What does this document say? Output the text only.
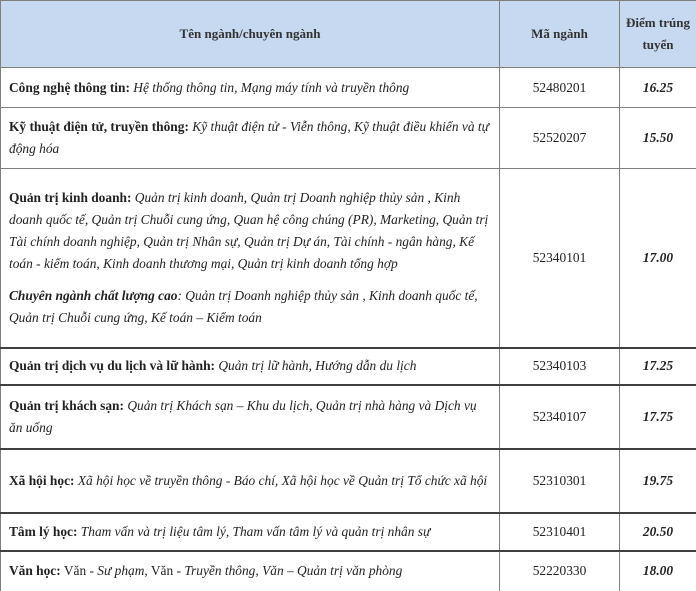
Tên ngành/chuyên ngành	Mã ngành	Điểm trúng tuyển
Công nghệ thông tin: Hệ thống thông tin, Mạng máy tính và truyền thông	52480201	16.25
Kỹ thuật điện tử, truyền thông: Kỹ thuật điện tử - Viễn thông, Kỹ thuật điều khiển và tự động hóa	52520207	15.50

Quản trị kinh doanh: Quản trị kinh doanh, Quản trị Doanh nghiệp thủy sản , Kinh doanh quốc tế, Quản trị Chuỗi cung ứng, Quan hệ công chúng (PR), Marketing, Quản trị Tài chính doanh nghiệp, Quản trị Nhân sự, Quản trị Dự án, Tài chính - ngân hàng, Kế toán - kiểm toán, Kinh doanh thương mại, Quản trị kinh doanh tổng hợp
Chuyên ngành chất lượng cao: Quản trị Doanh nghiệp thủy sản , Kinh doanh quốc tế, Quản trị Chuỗi cung ứng, Kế toán – Kiểm toán	52340101	17.00
Quản trị dịch vụ du lịch và lữ hành: Quản trị lữ hành, Hướng dẫn du lịch	52340103	17.25
Quản trị khách sạn: Quản trị Khách sạn – Khu du lịch, Quản trị nhà hàng và Dịch vụ ăn uống	52340107	17.75
Xã hội học: Xã hội học về truyền thông - Báo chí, Xã hội học về Quản trị Tổ chức xã hội	52310301	19.75
Tâm lý học: Tham vấn và trị liệu tâm lý, Tham vấn tâm lý và quản trị nhân sự	52310401	20.50
Văn học: Văn - Sư phạm, Văn - Truyền thông, Văn – Quản trị văn phòng	52220330	18.00
